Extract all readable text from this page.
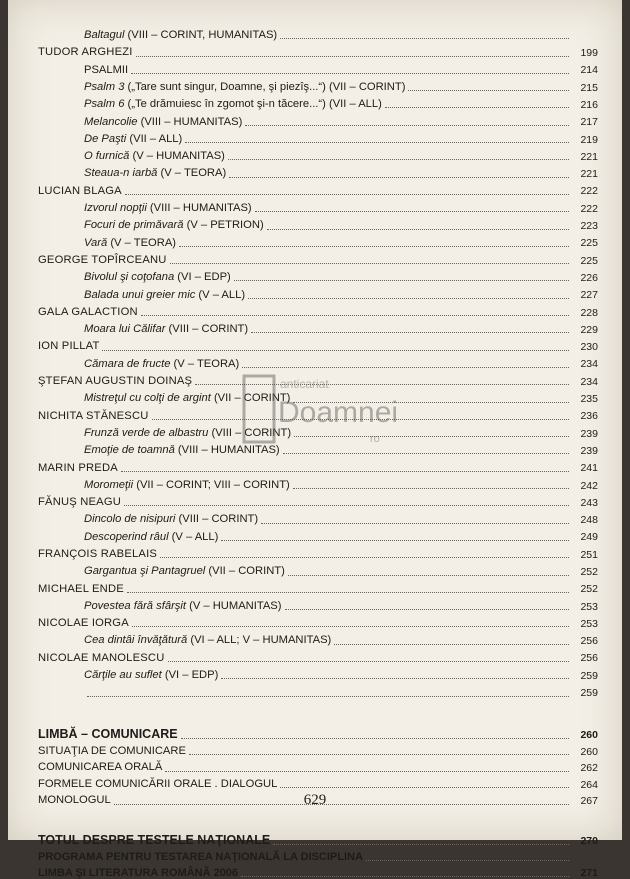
Baltagul (VIII – CORINT, HUMANITAS)
TUDOR ARGHEZI	199
PSALMII	214
Psalm 3 („Tare sunt singur, Doamne, şi piezîş...“) (VII – CORINT)	215
Psalm 6 („Te drămuiesc în zgomot şi-n tăcere...“) (VII – ALL)	216
Melancolie (VIII – HUMANITAS)	217
De Paşti (VII – ALL)	219
O furnică (V – HUMANITAS)	221
Steaua-n iarbă (V – TEORA)	221
LUCIAN BLAGA	222
Izvorul nopţii (VIII – HUMANITAS)	222
Focuri de primăvară (V – PETRION)	223
Vară (V – TEORA)	225
GEORGE TOPÎRCEANU	225
Bivolul şi coţofana (VI – EDP)	226
Balada unui greier mic (V – ALL)	227
GALA GALACTION	228
Moara lui Călifar (VIII – CORINT)	229
ION PILLAT	230
Cămara de fructe (V – TEORA)	234
ŞTEFAN AUGUSTIN DOINAŞ	234
Mistreţul cu colţi de argint (VII – CORINT)	235
NICHITA STĂNESCU	236
Frunză verde de albastru (VIII – CORINT)	239
Emoţie de toamnă (VIII – HUMANITAS)	239
MARIN PREDA	241
Moromeţii (VII – CORINT; VIII – CORINT)	242
FĂNUŞ NEAGU	243
Dincolo de nisipuri (VIII – CORINT)	248
Descoperind râul (V – ALL)	249
FRANÇOIS RABELAIS	251
Gargantua şi Pantagruel (VII – CORINT)	252
MICHAEL ENDE	252
Povestea fără sfârşit (V – HUMANITAS)	253
NICOLAE IORGA	253
Cea dintâi învăţătură (VI – ALL; V – HUMANITAS)	256
NICOLAE MANOLESCU	256
Cărţile au suflet (VI – EDP)	259
259
LIMBĂ – COMUNICARE	260
SITUAŢIA DE COMUNICARE	260
COMUNICAREA ORALĂ	262
FORMELE COMUNICĂRII ORALE . DIALOGUL	264
MONOLOGUL	267
TOTUL DESPRE TESTELE NAŢIONALE	270
PROGRAMA PENTRU TESTAREA NAŢIONALĂ LA DISCIPLINA
LIMBA ŞI LITERATURA ROMÂNĂ 2006	271
anticariat
Doamnei
ro
629
